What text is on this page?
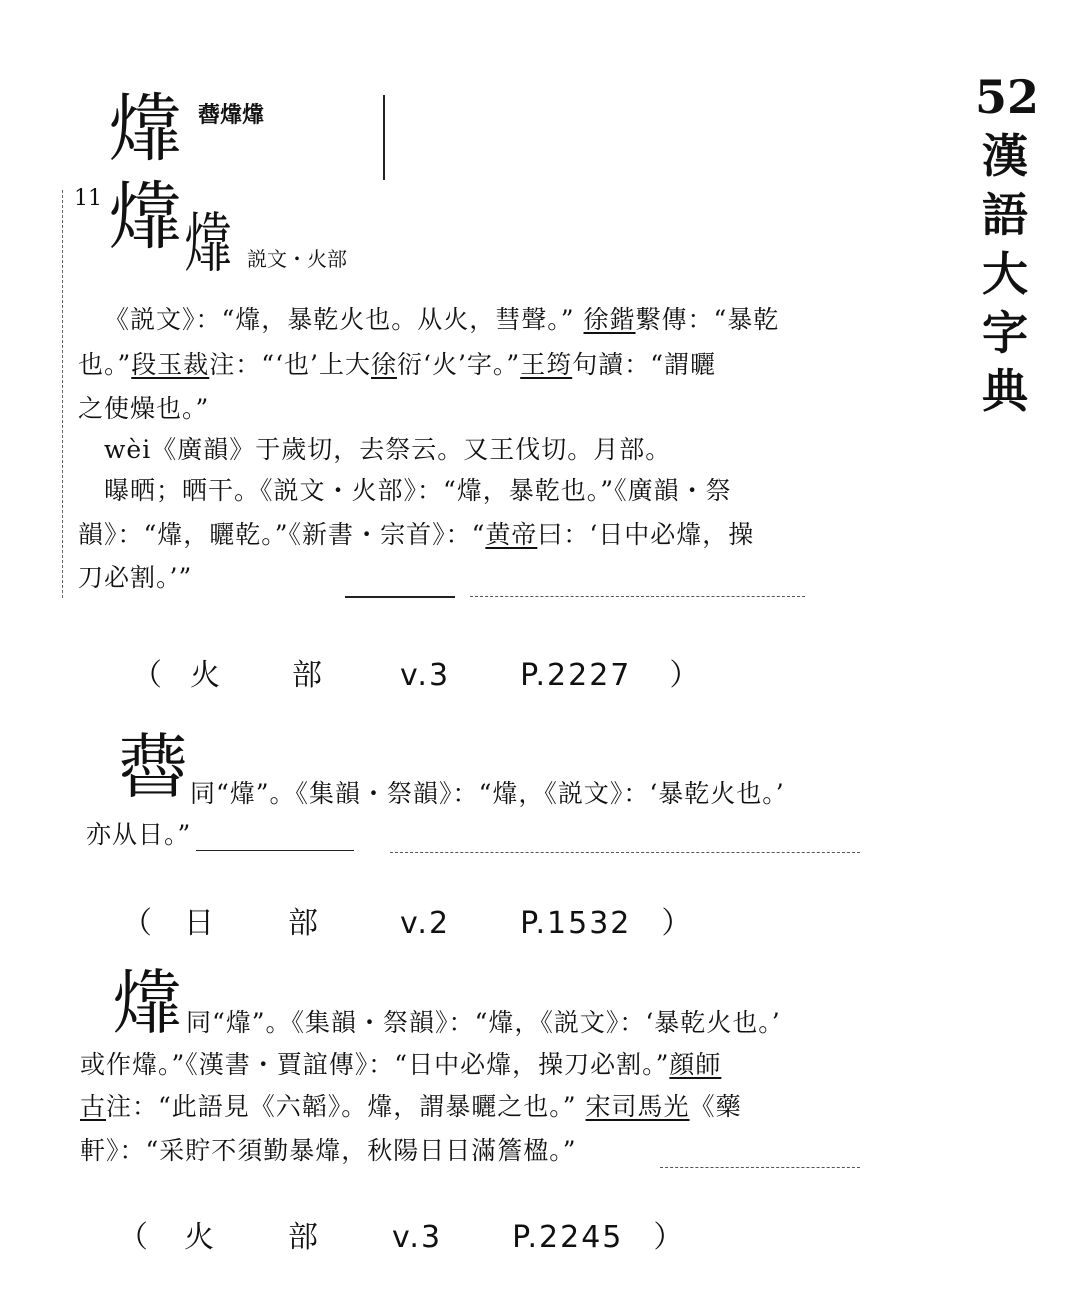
52
漢
語
大
字
典
㸆 㬫㸆㸆
11 㸆 㸆 説文・火部
《説文》：“㸆，暴乾火也。从火，彗聲。” 徐鍇繫傳：“暴乾
也。”段玉裁注：“‘也’上大徐衍‘火’字。”王筠句讀：“謂曬
之使燥也。”
wèi《廣韻》于歲切，去祭云。又王伐切。月部。
曝晒；晒干。《説文・火部》：“㸆，暴乾也。”《廣韻・祭
韻》：“㸆，曬乾。”《新書・宗首》：“黄帝曰：‘日中必㸆，操
刀必割。’”
（ 火 部	v.3 P.2227 ）
㬫 同“㸆”。《集韻・祭韻》：“㸆，《説文》：‘暴乾火也。’
亦从日。”
（ 日 部	v.2 P.1532 ）
㸆 同“㸆”。《集韻・祭韻》：“㸆，《説文》：‘暴乾火也。’
或作㸆。”《漢書・賈誼傳》：“日中必㸆，操刀必割。”顔師
古注：“此語見《六韜》。㸆，謂暴曬之也。” 宋司馬光《藥
軒》：“采貯不須勤暴㸆，秋陽日日滿簷楹。”
（ 火 部 v.3 P.2245 ）
